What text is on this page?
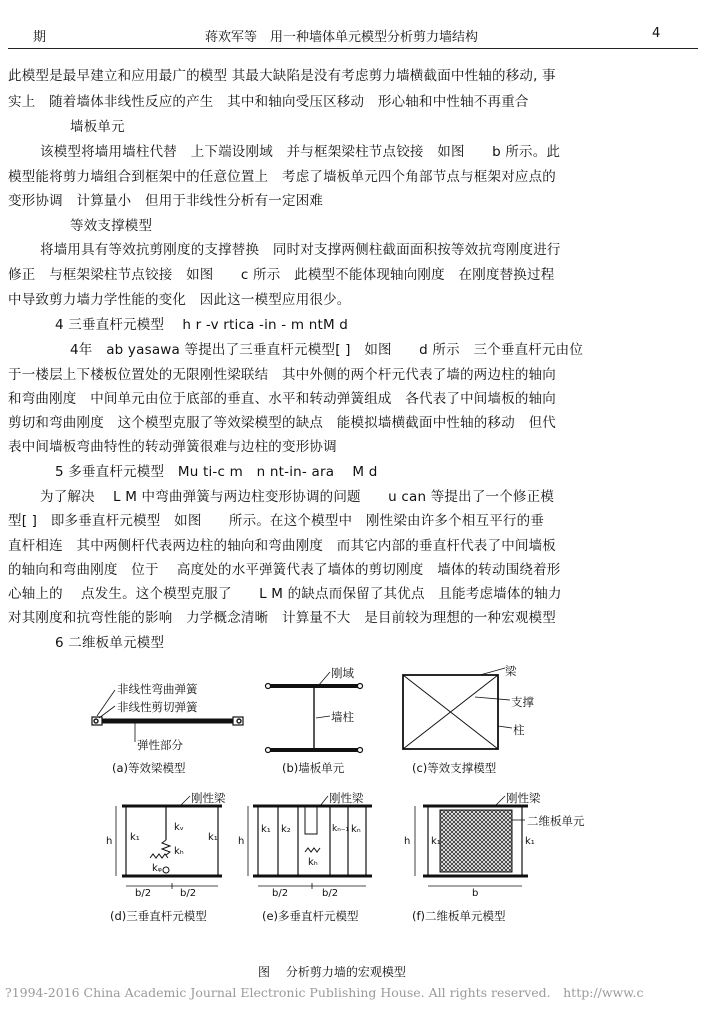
期	蒋欢军等　用一种墙体单元模型分析剪力墙结构	4
此模型是最早建立和应用最广的模型 其最大缺陷是没有考虑剪力墙横截面中性轴的移动, 事
实上　随着墙体非线性反应的产生　其中和轴向受压区移动　形心轴和中性轴不再重合
墙板单元
该模型将墙用墙柱代替　上下端设刚域　并与框架梁柱节点铰接　如图　　b 所示。此
模型能将剪力墙组合到框架中的任意位置上　考虑了墙板单元四个角部节点与框架对应点的
变形协调　计算量小　但用于非线性分析有一定困难
等效支撑模型
将墙用具有等效抗剪刚度的支撑替换　同时对支撑两侧柱截面面积按等效抗弯刚度进行
修正　与框架梁柱节点铰接　如图　　c 所示　此模型不能体现轴向刚度　在刚度替换过程
中导致剪力墙力学性能的变化　因此这一模型应用很少。
4 三垂直杆元模型　 h r -v rtica -in - m ntM d
4年　ab yasawa 等提出了三垂直杆元模型[ ]　如图　　d 所示　三个垂直杆元由位
于一楼层上下楼板位置处的无限刚性梁联结　其中外侧的两个杆元代表了墙的两边柱的轴向
和弯曲刚度　中间单元由位于底部的垂直、水平和转动弹簧组成　各代表了中间墙板的轴向
剪切和弯曲刚度　这个模型克服了等效梁模型的缺点　能模拟墙横截面中性轴的移动　但代
表中间墙板弯曲特性的转动弹簧很难与边柱的变形协调
5 多垂直杆元模型　Mu ti-c m　n nt-in- ara　 M d
为了解决　 L M 中弯曲弹簧与两边柱变形协调的问题　　u can 等提出了一个修正模
型[ ]　即多垂直杆元模型　如图　　所示。在这个模型中　刚性梁由许多个相互平行的垂
直杆相连　其中两侧杆代表两边柱的轴向和弯曲刚度　而其它内部的垂直杆代表了中间墙板
的轴向和弯曲刚度　位于　 高度处的水平弹簧代表了墙体的剪切刚度　墙体的转动围绕着形
心轴上的　 点发生。这个模型克服了　　L M 的缺点而保留了其优点　且能考虑墙体的轴力
对其刚度和抗弯性能的影响　力学概念清晰　计算量不大　是目前较为理想的一种宏观模型
6 二维板单元模型
非线性弯曲弹簧
非线性剪切弹簧
弹性部分
(a)等效梁模型
刚域
墙柱
(b)墙板单元
梁
支撑
柱
(c)等效支撑模型
刚性梁
h k₁
kᵥ
kₕ
kᵩ
k₁
b/2	b/2
(d)三垂直杆元模型
刚性梁
h
k₁ k₂	kₙ₋₁ kₙ
kₕ
b/2	b/2
(e)多垂直杆元模型
刚性梁
二维板单元
h k₁	k₁
b
(f)二维板单元模型
图　 分析剪力墙的宏观模型
?1994-2016 China Academic Journal Electronic Publishing House. All rights reserved.　http://www.c
